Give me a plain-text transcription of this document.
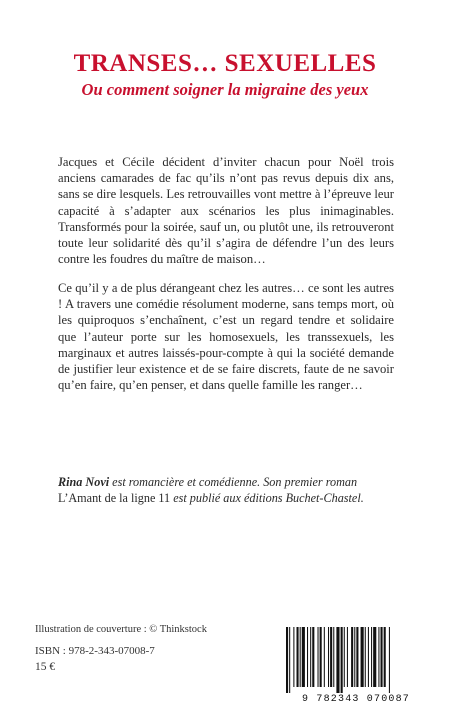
TRANSES… SEXUELLES
Ou comment soigner la migraine des yeux
Jacques et Cécile décident d’inviter chacun pour Noël trois anciens camarades de fac qu’ils n’ont pas revus depuis dix ans, sans se dire lesquels. Les retrouvailles vont mettre à l’épreuve leur capacité à s’adapter aux scénarios les plus inimaginables. Transformés pour la soirée, sauf un, ou plutôt une, ils retrouveront toute leur solidarité dès qu’il s’agira de défendre l’un des leurs contre les foudres du maître de maison…
Ce qu’il y a de plus dérangeant chez les autres… ce sont les autres ! A travers une comédie résolument moderne, sans temps mort, où les quiproquos s’enchaînent, c’est un regard tendre et solidaire que l’auteur porte sur les homosexuels, les transsexuels, les marginaux et autres laissés-pour-compte à qui la société demande de justifier leur existence et de se faire discrets, faute de ne savoir qu’en faire, qu’en penser, et dans quelle famille les ranger…
Rina Novi est romancière et comédienne. Son premier roman L’Amant de la ligne 11 est publié aux éditions Buchet-Chastel.
Illustration de couverture : © Thinkstock
ISBN : 978-2-343-07008-7
15 €
9 782343 070087
